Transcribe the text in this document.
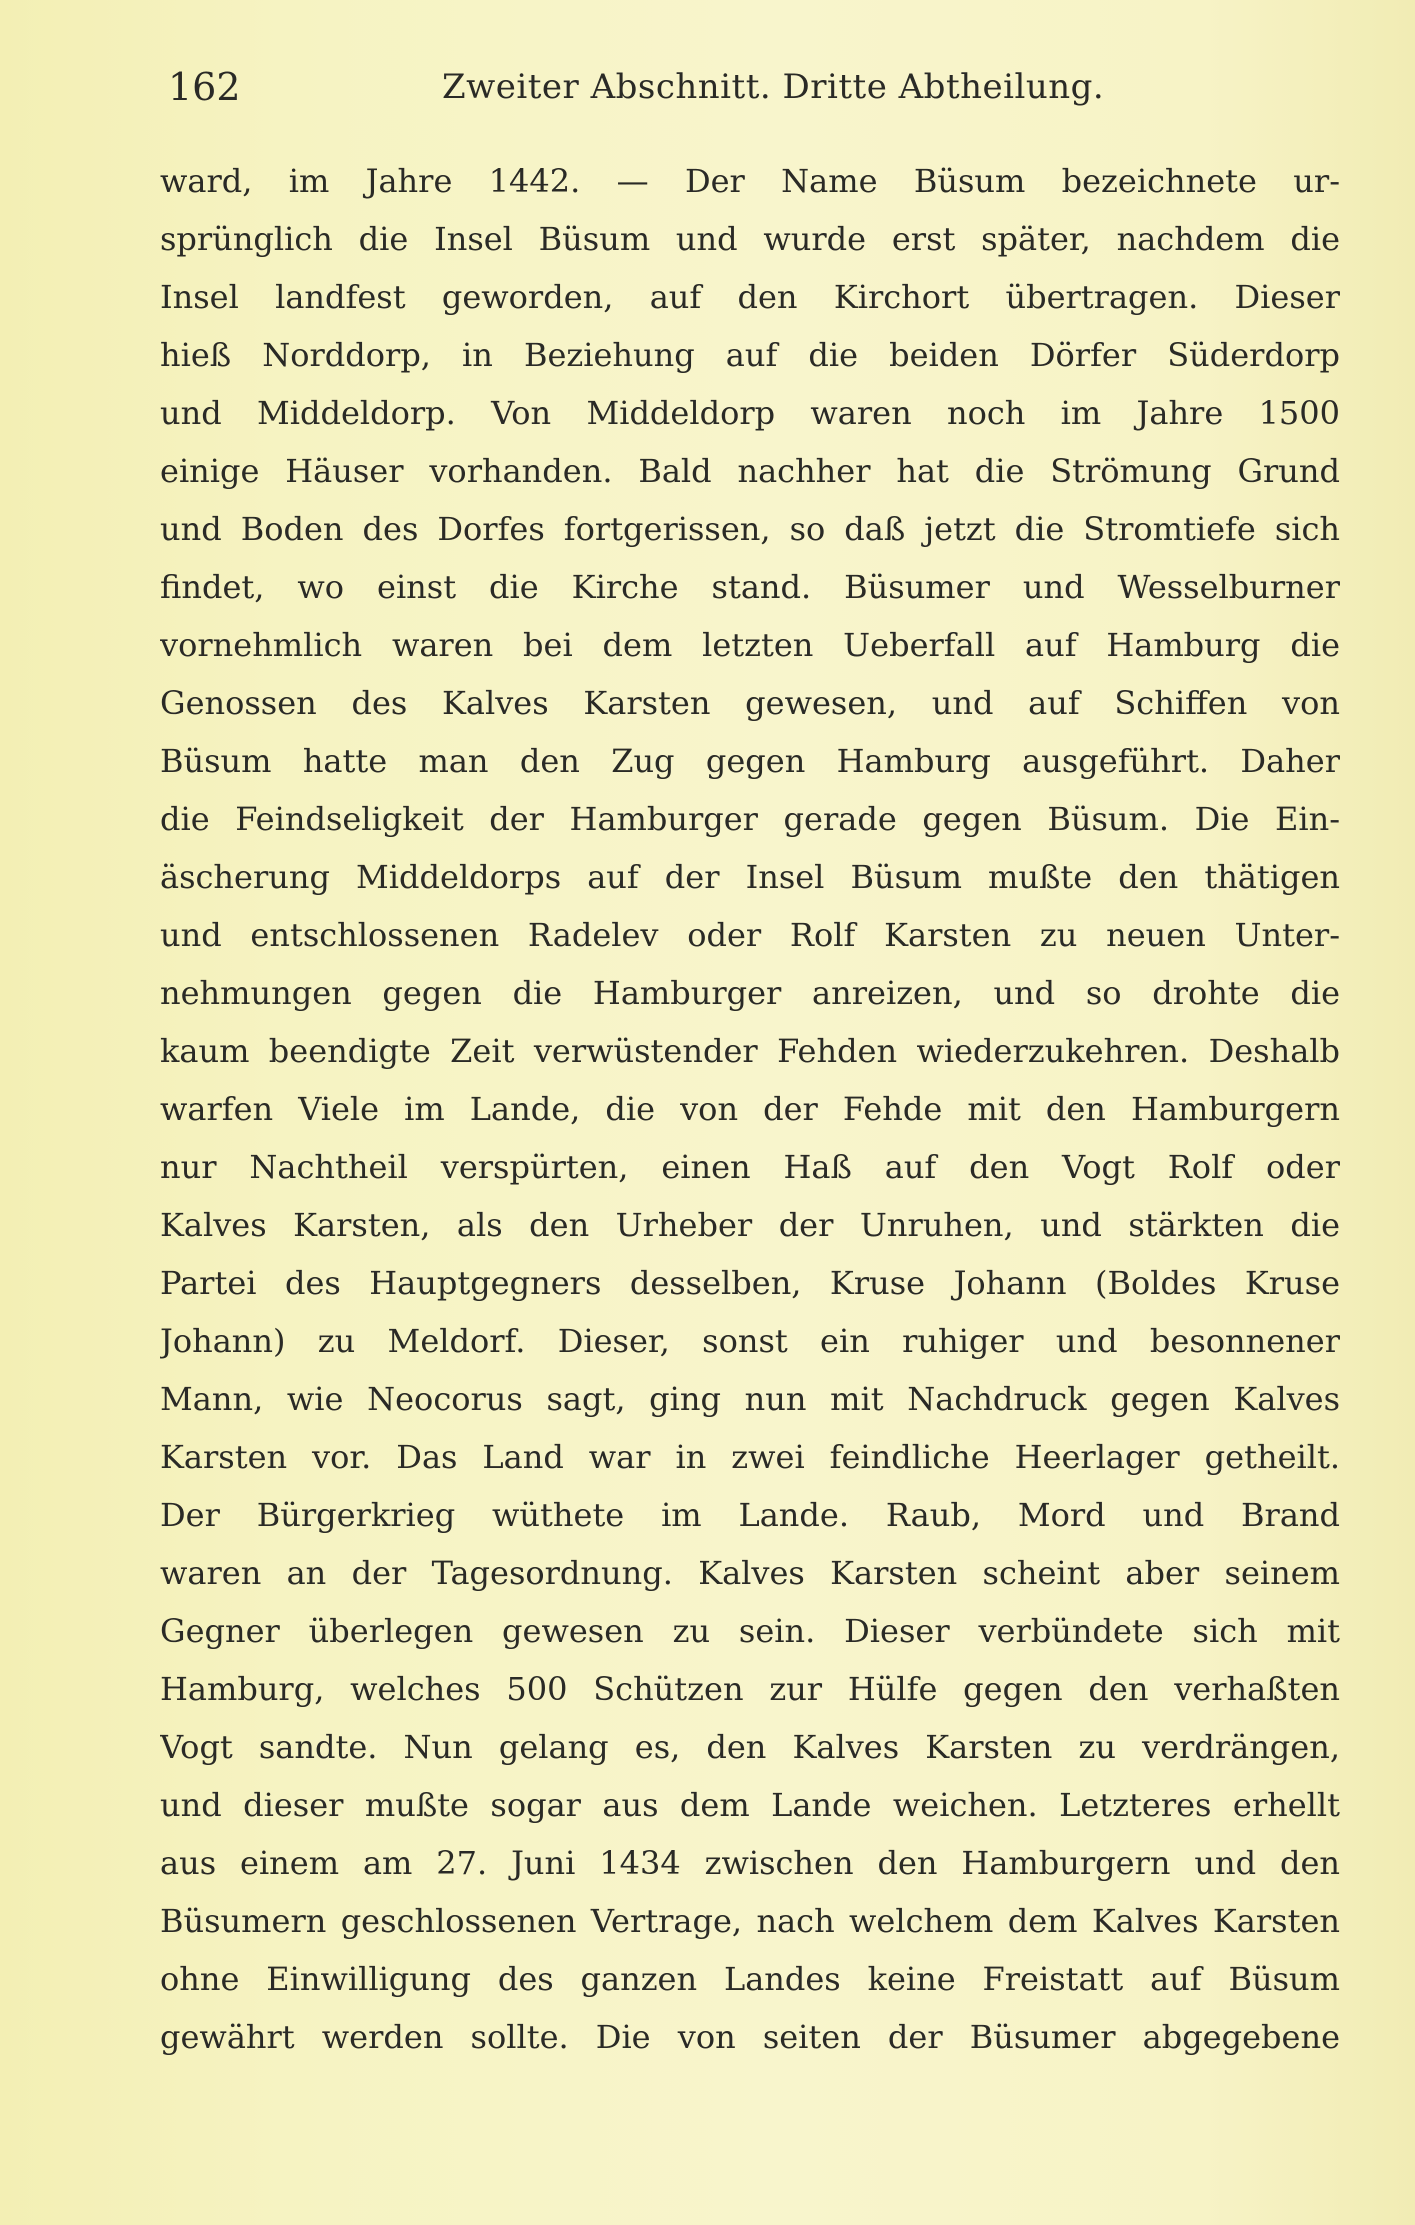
162	Zweiter Abschnitt. Dritte Abtheilung.
ward, im Jahre 1442. — Der Name Büsum bezeichnete ur-
sprünglich die Insel Büsum und wurde erst später, nachdem die
Insel landfest geworden, auf den Kirchort übertragen. Dieser
hieß Norddorp, in Beziehung auf die beiden Dörfer Süderdorp
und Middeldorp. Von Middeldorp waren noch im Jahre 1500
einige Häuser vorhanden. Bald nachher hat die Strömung Grund
und Boden des Dorfes fortgerissen, so daß jetzt die Stromtiefe sich
findet, wo einst die Kirche stand. Büsumer und Wesselburner
vornehmlich waren bei dem letzten Ueberfall auf Hamburg die
Genossen des Kalves Karsten gewesen, und auf Schiffen von
Büsum hatte man den Zug gegen Hamburg ausgeführt. Daher
die Feindseligkeit der Hamburger gerade gegen Büsum. Die Ein-
äscherung Middeldorps auf der Insel Büsum mußte den thätigen
und entschlossenen Radelev oder Rolf Karsten zu neuen Unter-
nehmungen gegen die Hamburger anreizen, und so drohte die
kaum beendigte Zeit verwüstender Fehden wiederzukehren. Deshalb
warfen Viele im Lande, die von der Fehde mit den Hamburgern
nur Nachtheil verspürten, einen Haß auf den Vogt Rolf oder
Kalves Karsten, als den Urheber der Unruhen, und stärkten die
Partei des Hauptgegners desselben, Kruse Johann (Boldes Kruse
Johann) zu Meldorf. Dieser, sonst ein ruhiger und besonnener
Mann, wie Neocorus sagt, ging nun mit Nachdruck gegen Kalves
Karsten vor. Das Land war in zwei feindliche Heerlager getheilt.
Der Bürgerkrieg wüthete im Lande. Raub, Mord und Brand
waren an der Tagesordnung. Kalves Karsten scheint aber seinem
Gegner überlegen gewesen zu sein. Dieser verbündete sich mit
Hamburg, welches 500 Schützen zur Hülfe gegen den verhaßten
Vogt sandte. Nun gelang es, den Kalves Karsten zu verdrängen,
und dieser mußte sogar aus dem Lande weichen. Letzteres erhellt
aus einem am 27. Juni 1434 zwischen den Hamburgern und den
Büsumern geschlossenen Vertrage, nach welchem dem Kalves Karsten
ohne Einwilligung des ganzen Landes keine Freistatt auf Büsum
gewährt werden sollte. Die von seiten der Büsumer abgegebene
